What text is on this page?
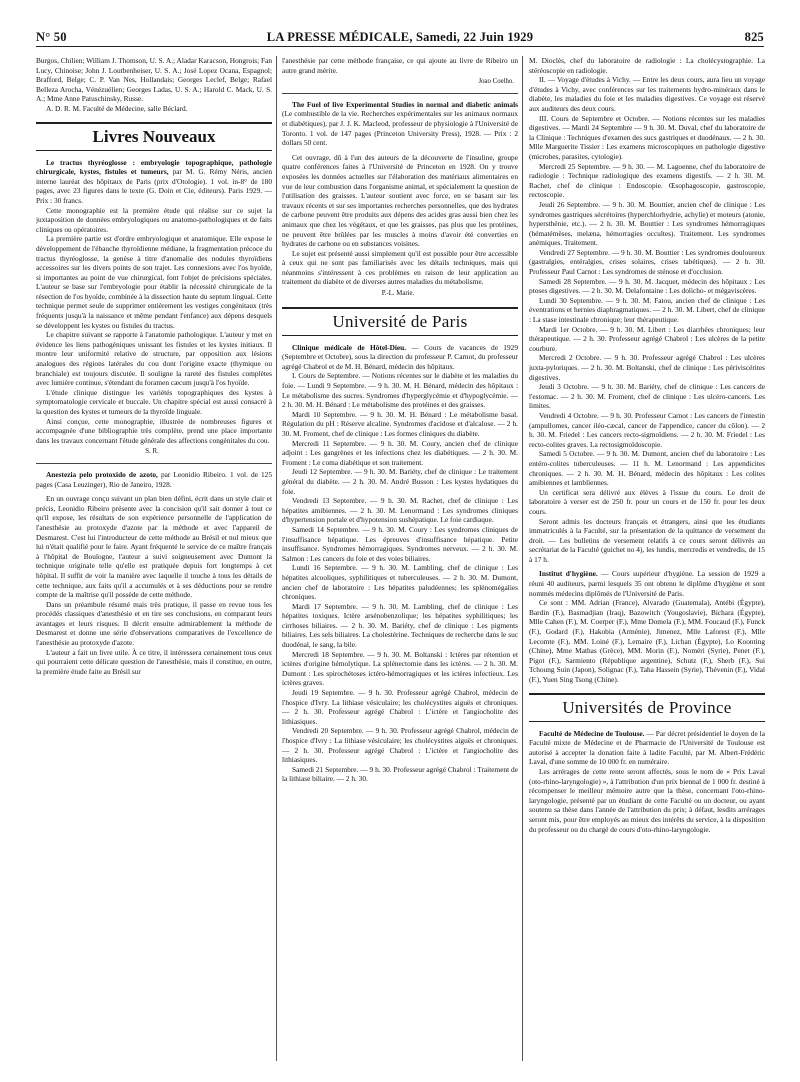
N° 50	LA PRESSE MÉDICALE, Samedi, 22 Juin 1929	825

Burgos, Chilien; William J. Thomson, U. S. A.; Aladar Karacson, Hongrois; Fan Lucy, Chinoise; John J. Loutbenheiser, U. S. A.; José Lopez Ocana, Espagnol; Brafford, Belge; C. P. Van Nes, Hollandais; Georges Leclef, Belge; Rafael Belleza Arocha, Vénézuélien; Georges Ladas, U. S. A.; Harold C. Mack, U. S. A.; Mme Anne Patuschinsky, Russe.

A. D. R. M. Faculté de Médecine, salle Béclard.

Livres Nouveaux

Le tractus thyréoglosse : embryologie topographique, pathologie chirurgicale, kystes, fistules et tumeurs, par M. G. Rémy Néris, ancien interne lauréat des hôpitaux de Paris (prix d'Otologie). 1 vol. in-8° de 180 pages, avec 23 figures dans le texte (G. Doin et Cie, éditeurs). Paris 1929. — Prix : 30 francs.

Cette monographie est la première étude qui réalise sur ce sujet la juxtaposition de données embryologiques ou anatomo-pathologiques et de faits cliniques ou opératoires.

La première partie est d'ordre embryologique et anatomique. Elle expose le développement de l'ébauche thyroïdienne médiane, la fragmentation précoce du tractus thyréoglosse, la genèse à titre d'anomalie des nodules thyroïdiens accessoires sur les divers points de son trajet. Les connexions avec l'os hyoïde, si importantes au point de vue chirurgical, font l'objet de précisions spéciales. L'auteur se base sur l'embryologie pour établir la nécessité chirurgicale de la résection de l'os hyoïde, combinée à la dissection haute du septum lingual. Cette technique permet seule de supprimer entièrement les vestiges congénitaux (très fréquents jusqu'à la naissance et même pendant l'enfance) aux dépens desquels se développent les kystes ou fistules du tractus.

Le chapitre suivant se rapporte à l'anatomie pathologique. L'auteur y met en évidence les liens pathogéniques unissant les fistules et les kystes initiaux. Il montre leur uniformité relative de structure, par opposition aux lésions analogues des régions latérales du cou dont l'origine exacte (thymique ou branchiale) est toujours discutée. Il souligne la rareté des fistules complètes avec lumière continue, s'étendant du foramen cæcum jusqu'à l'os hyoïde.

L'étude clinique distingue les variétés topographiques des kystes à symptomatologie cervicale et buccale. Un chapitre spécial est aussi consacré à la question des kystes et tumeurs de la thyroïde linguale.

Ainsi conçue, cette monographie, illustrée de nombreuses figures et accompagnée d'une bibliographie très complète, prend une place importante dans les travaux concernant l'étude générale des affections congénitales du cou.

S. R.

Anestezia pelo protoxido de azoto, par Leonidio Ribeiro. 1 vol. de 125 pages (Casa Leuzinger), Rio de Janeiro, 1928.

En un ouvrage conçu suivant un plan bien défini, écrit dans un style clair et précis, Leonidio Ribeiro présente avec la concision qu'il sait donner à tout ce qu'il expose, les résultats de son expérience personnelle de l'application de l'anesthésie au protoxyde d'azote par la méthode et avec l'appareil de Desmarest. C'est lui l'introducteur de cette méthode au Brésil et nul mieux que lui n'était qualifié pour le faire. Ayant fréquenté le service de ce maître français à l'hôpital de Boulogne, l'auteur a suivi soigneusement avec Dumont la technique originale telle qu'elle est pratiquée depuis fort longtemps à cet hôpital. Il suffit de voir la manière avec laquelle il touche à tous les détails de cette technique, aux faits qu'il a accumulés et à ses déductions pour se rendre compte de la maîtrise qu'il possède de cette méthode.

Dans un préambule résumé mais très pratique, il passe en revue tous les procédés classiques d'anesthésie et en tire ses conclusions, en comparant leurs avantages et leurs risques. Il décrit ensuite admirablement la méthode de Desmarest et donne une série d'observations comparatives de l'excellence de l'anesthésie au protoxyde d'azote.

L'auteur a fait un livre utile. À ce titre, il intéressera certainement tous ceux qui pourraient cette délicate question de l'anesthésie, mais il constitue, en outre, la première étude faite au Brésil sur

l'anesthésie par cette méthode française, ce qui ajoute au livre de Ribeiro un autre grand mérite.

Joao Coelho.

The Fuel of live Experimental Studies in normal and diabetic animals (Le combustible de la vie. Recherches expérimentales sur les animaux normaux et diabétiques), par J. J. K. Macleod, professeur de physiologie à l'Université de Toronto. 1 vol. de 147 pages (Princeton University Press), 1928. — Prix : 2 dollars 50 cent.

Cet ouvrage, dû à l'un des auteurs de la découverte de l'insuline, groupe quatre conférences faites à l'Université de Princeton en 1928. On y trouve exposées les données actuelles sur l'élaboration des matériaux alimentaires en vue de leur combustion dans l'organisme animal, et spécialement la question de l'utilisation des graisses. L'auteur soutient avec force, en se basant sur les travaux récents et sur ses importantes recherches personnelles, que des hydrates de carbone peuvent être produits aux dépens des acides gras aussi bien chez les animaux que chez les végétaux, et que les graisses, pas plus que les protéines, ne peuvent être brûlées par les muscles à moins d'avoir été converties en hydrates de carbone ou en substances voisines.

Le sujet est présenté aussi simplement qu'il est possible pour être accessible à ceux qui ne sont pas familiarisés avec les détails techniques, mais qui néanmoins s'intéressent à ces problèmes en raison de leur application au traitement du diabète et de diverses autres maladies du métabolisme.

P.-L. Marie.
Université de Paris

Clinique médicale de Hôtel-Dieu. — Cours de vacances de 1929 (Septembre et Octobre), sous la direction du professeur P. Carnot, du professeur agrégé Chabrol et de M. H. Bénard, médecin des hôpitaux.

I. Cours de Septembre. — Notions récentes sur le diabète et les maladies du foie. — Lundi 9 Septembre. — 9 h. 30. M. H. Bénard, médecin des hôpitaux : Le métabolisme des sucres. Syndromes d'hyperglycémie et d'hypoglycémie. — 2 h. 30. M. H. Bénard : Le métabolisme des protéines et des graisses.

Mardi 10 Septembre. — 9 h. 30. M. H. Bénard : Le métabolisme basal. Régulation du pH : Réserve alcaline. Syndromes d'acidose et d'alcalose. — 2 h. 30. M. Froment, chef de clinique : Les formes cliniques du diabète.

Mercredi 11 Septembre. — 9 h. 30. M. Coury, ancien chef de clinique adjoint : Les gangrènes et les infections chez les diabétiques. — 2 h. 30. M. Froment : Le coma diabétique et son traitement.

Jeudi 12 Septembre. — 9 h. 30. M. Bariéty, chef de clinique : Le traitement général du diabète. — 2 h. 30. M. André Busson : Les kystes hydatiques du foie.

Vendredi 13 Septembre. — 9 h. 30. M. Rachet, chef de clinique : Les hépatites amibiennes. — 2 h. 30. M. Lenormand : Les syndromes cliniques d'hypertension portale et d'hypotension sushépatique. Le foie cardiaque.

Samedi 14 Septembre. — 9 h. 30. M. Coury : Les syndromes cliniques de l'insuffisance hépatique. Les épreuves d'insuffisance hépatique. Petite insuffisance. Syndromes hémorragiques. Syndromes nerveux. — 2 h. 30. M. Salmon : Les cancers du foie et des voies biliaires.

Lundi 16 Septembre. — 9 h. 30. M. Lambling, chef de clinique : Les hépatites alcooliques, syphilitiques et tuberculeuses. — 2 h. 30. M. Dumont, ancien chef de laboratoire : Les hépatites paludéennes; les splénomégalies chroniques.

Mardi 17 Septembre. — 9 h. 30. M. Lambling, chef de clinique : Les hépatites toxiques. Ictère arsénobenzolique; les hépatites syphilitiques; les cirrhoses biliaires. — 2 h. 30. M. Bariéty, chef de clinique : Les pigments biliaires. Les sels biliaires. La cholestérine. Techniques de recherche dans le suc duodénal, le sang, la bile.

Mercredi 18 Septembre. — 9 h. 30. M. Boltanski : Ictères par rétention et ictères d'origine hémolytique. La splénectomie dans les ictères. — 2 h. 30. M. Dumont : Les spirochétoses ictéro-hémorragiques et les ictères infectieux. Les ictères graves.

Jeudi 19 Septembre. — 9 h. 30. Professeur agrégé Chabrol, médecin de l'hospice d'Ivry. La lithiase vésiculaire; les cholécystites aiguës et chroniques. — 2 h. 30. Professeur agrégé Chabrol : L'ictère et l'angiocholite des lithiasiques.

Vendredi 20 Septembre. — 9 h. 30. Professeur agrégé Chabrol, médecin de l'hospice d'Ivry : La lithiase vésiculaire; les cholécystites aiguës et chroniques. — 2 h. 30. Professeur agrégé Chabrol : L'ictère et l'angiocholite des lithiasiques.

Samedi 21 Septembre. — 9 h. 30. Professeur agrégé Chabrol : Traitement de la lithiase biliaire. — 2 h. 30.

M. Dioclès, chef du laboratoire de radiologie : La cholécystographie. La stéréoscopie en radiologie.

II. — Voyage d'études à Vichy. — Entre les deux cours, aura lieu un voyage d'études à Vichy, avec conférences sur les traitements hydro-minéraux dans le diabète, les maladies du foie et les maladies digestives. Ce voyage est réservé aux auditeurs des deux cours.

III. Cours de Septembre et Octobre. — Notions récentes sur les maladies digestives. — Mardi 24 Septembre — 9 h. 30. M. Duval, chef du laboratoire de la Clinique : Techniques d'examen des sucs gastriques et duodénaux. — 2 h. 30. Mlle Marguerite Tissier : Les examens microscopiques en pathologie digestive (microbes, parasites, cytologie).

Mercredi 25 Septembre. — 9 h. 30. — M. Lagoenne, chef du laboratoire de radiologie : Technique radiologique des examens digestifs. — 2 h. 30. M. Rachet, chef de clinique : Endoscopie. Œsophagoscopie, gastroscopie, rectoscopie.

Jeudi 26 Septembre. — 9 h. 30. M. Bouttier, ancien chef de clinique : Les syndromes gastriques sécrétoires (hyperchlorhydrie, achylie) et moteurs (atonie, hypersthénie, etc.). — 2 h. 30. M. Bouttier : Les syndromes hémorragiques (hématémèses, melæna, hémorragies occultes). Traitement. Les syndromes anémiques. Traitement.

Vendredi 27 Septembre. — 9 h. 30. M. Bouttier : Les syndromes douloureux (gastralgies, entéralgies, crises solaires, crises tabétiques). — 2 h. 30. Professeur Paul Carnot : Les syndromes de sténose et d'occlusion.

Samedi 28 Septembre. — 9 h. 30. M. Jacquet, médecin des hôpitaux : Les ptoses digestives. — 2 h. 30. M. Delafontaine : Les dolicho- et mégaviscères.

Lundi 30 Septembre. — 9 h. 30. M. Fatou, ancien chef de clinique : Les éventrations et hernies diaphragmatiques. — 2 h. 30. M. Libert, chef de clinique : La stase intestinale chronique; leur thérapeutique.

Mardi 1er Octobre. — 9 h. 30. M. Libert : Les diarrhées chroniques; leur thérapeutique. — 2 h. 30. Professeur agrégé Chabrol : Les ulcères de la petite courbure.

Mercredi 2 Octobre. — 9 h. 30. Professeur agrégé Chabrol : Les ulcères juxta-pyloriques. — 2 h. 30. M. Boltanski, chef de clinique : Les périviscérites digestives.

Jeudi 3 Octobre. — 9 h. 30. M. Bariéty, chef de clinique : Les cancers de l'estomac. — 2 h. 30. M. Froment, chef de clinique : Les ulcéro-cancers. Les limites.

Vendredi 4 Octobre. — 9 h. 30. Professeur Carnot : Les cancers de l'intestin (ampullomes, cancer iléo-cæcal, cancer de l'appendice, cancer du côlon). — 2 h. 30. M. Friedel : Les cancers recto-sigmoïdiens. — 2 h. 30. M. Friedel : Les recto-colites graves. La rectosigmoïdoscopie.

Samedi 5 Octobre. — 9 h. 30. M. Dumont, ancien chef du laboratoire : Les entéro-colites tuberculeuses. — 11 h. M. Lenormand : Les appendicites chroniques. — 2 h. 30. M. H. Bénard, médecin des hôpitaux : Les colites amibiennes et lambliennes.

Un certificat sera délivré aux élèves à l'issue du cours. Le droit de laboratoire à verser est de 250 fr. pour un cours et de 150 fr. pour les deux cours.

Seront admis les docteurs français et étrangers, ainsi que les étudiants immatriculés à la Faculté, sur la présentation de la quittance de versement du droit. — Les bulletins de versement relatifs à ce cours seront délivrés au secrétariat de la Faculté (guichet no 4), les lundis, mercredis et vendredis, de 15 à 17 h.

Institut d'hygiène. — Cours supérieur d'hygiène. La session de 1929 a réuni 40 auditeurs, parmi lesquels 35 ont obtenu le diplôme d'hygiène et sont nommés médecins diplômés de l'Université de Paris.

Ce sont : MM. Adrian (France), Alvarado (Guatemala), Antébi (Égypte), Bardin (F.), Basmadjian (Iraq), Bazowitch (Yougoslavie), Bichara (Égypte), Mlle Cahen (F.), M. Coerper (F.), Mme Domela (F.), MM. Foucaud (F.), Funck (F.), Godard (F.), Hakobia (Arménie), Jimenez, Mlle Laforest (F.), Mlle Lecomte (F.), MM. Loiné (F.), Lemaire (F.), Lichan (Égypte), Lo Koonting (Chine), Mme Mathas (Grèce), MM. Morin (F.), Noméri (Syrie), Penet (F.), Pigot (F.), Sarmiento (République argentine), Schutz (F.), Sherb (F.), Sui Tchoung Suin (Japon), Solignac (F.), Taha Hassein (Syrie), Thévenin (F.), Vidal (F.), Yuen Sing Tsong (Chine).

Universités de Province

Faculté de Médecine de Toulouse. — Par décret présidentiel le doyen de la Faculté mixte de Médecine et de Pharmacie de l'Université de Toulouse est autorisé à accepter la donation faite à ladite Faculté, par M. Albert-Frédéric Laval, d'une somme de 10 000 fr. en numéraire.

Les arrérages de cette rente seront affectés, sous le nom de « Prix Laval (oto-rhino-laryngologie) », à l'attribution d'un prix biennal de 1 000 fr. destiné à récompenser le meilleur mémoire autre que la thèse, concernant l'oto-rhino-laryngologie, présenté par un étudiant de cette Faculté ou un docteur, ou ayant soutenu sa thèse dans l'année de l'attribution du prix; à défaut, lesdits arrérages seront mis, pour être employés au mieux des intérêts du service, à la disposition du professeur ou du chargé de cours d'oto-rhino-laryngologie.
